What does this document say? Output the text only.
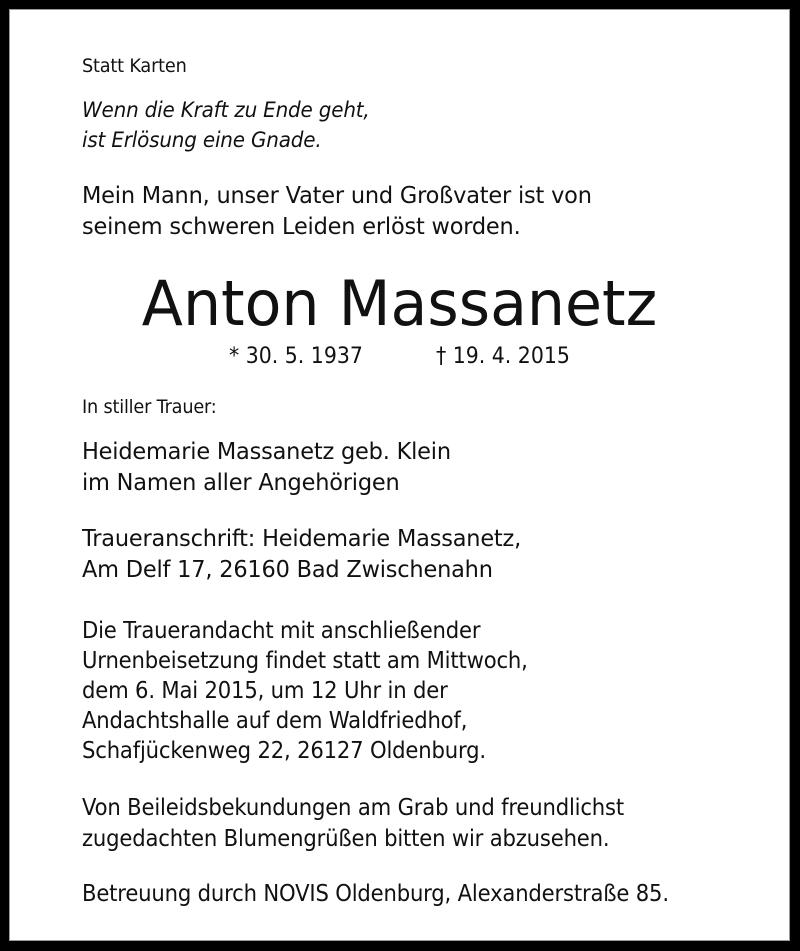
Statt Karten
Wenn die Kraft zu Ende geht,
ist Erlösung eine Gnade.
Mein Mann, unser Vater und Großvater ist von
seinem schweren Leiden erlöst worden.
Anton Massanetz
* 30. 5. 1937	† 19. 4. 2015
In stiller Trauer:
Heidemarie Massanetz geb. Klein
im Namen aller Angehörigen
Traueranschrift: Heidemarie Massanetz,
Am Delf 17, 26160 Bad Zwischenahn
Die Trauerandacht mit anschließender
Urnenbeisetzung findet statt am Mittwoch,
dem 6. Mai 2015, um 12 Uhr in der
Andachtshalle auf dem Waldfriedhof,
Schafjückenweg 22, 26127 Oldenburg.
Von Beileidsbekundungen am Grab und freundlichst
zugedachten Blumengrüßen bitten wir abzusehen.
Betreuung durch NOVIS Oldenburg, Alexanderstraße 85.
